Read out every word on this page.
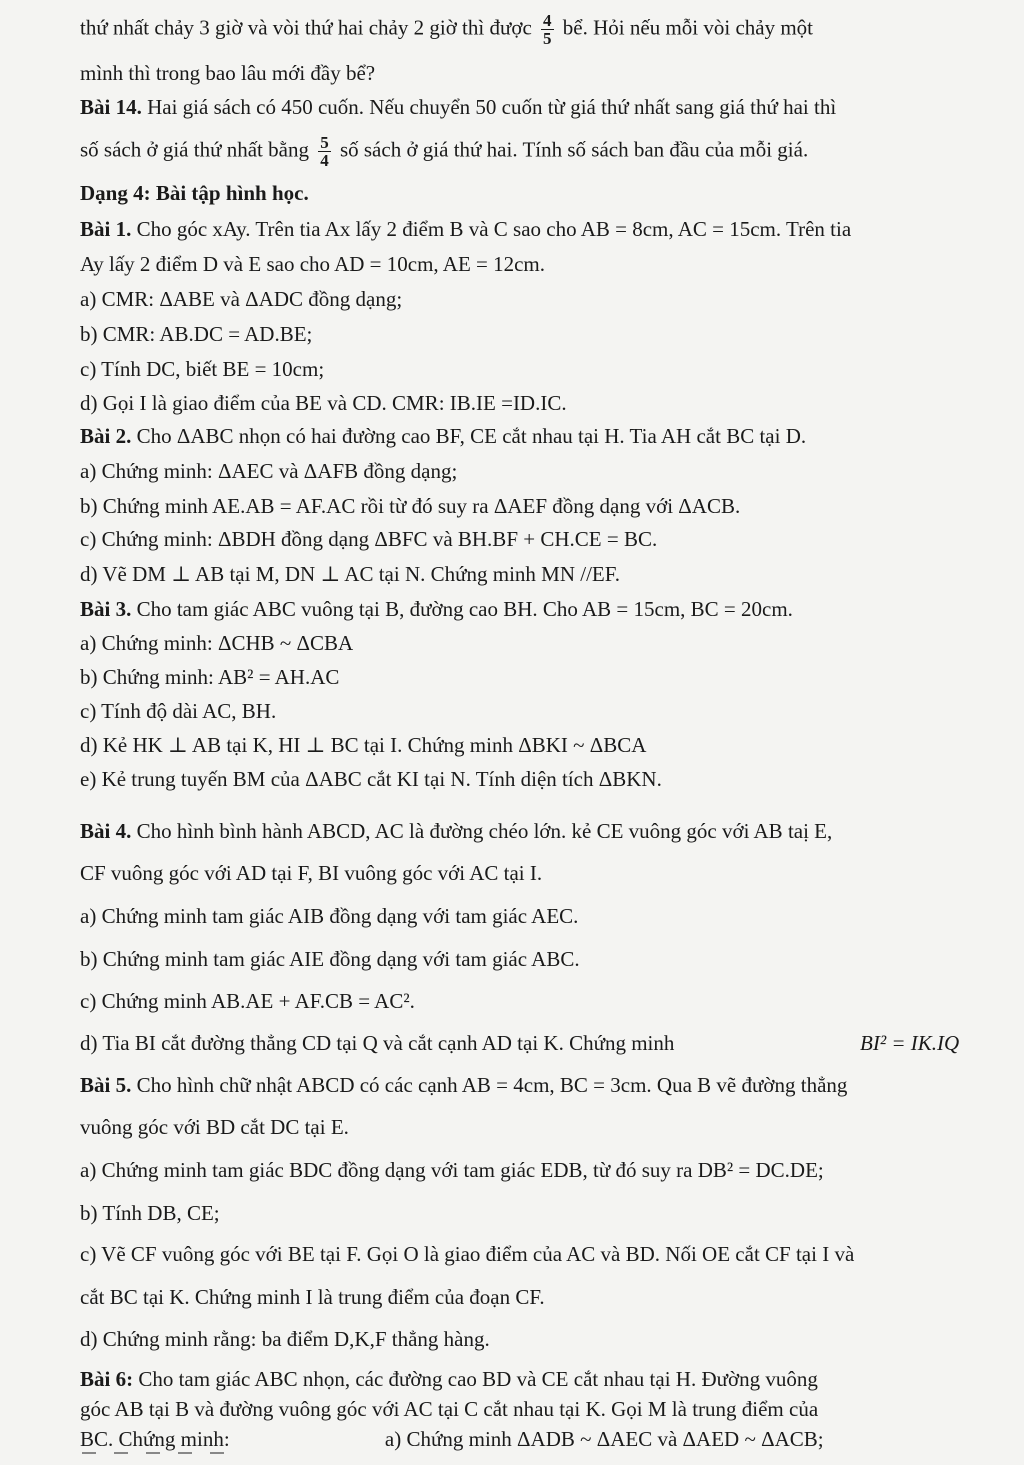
thứ nhất chảy 3 giờ và vòi thứ hai chảy 2 giờ thì được $\frac{4}{5}$ bể. Hỏi nếu mỗi vòi chảy một
mình thì trong bao lâu mới đầy bể?
Bài 14. Hai giá sách có 450 cuốn. Nếu chuyển 50 cuốn từ giá thứ nhất sang giá thứ hai thì
số sách ở giá thứ nhất bằng $\frac{5}{4}$ số sách ở giá thứ hai. Tính số sách ban đầu của mỗi giá.
Dạng 4: Bài tập hình học.
Bài 1. Cho góc xAy. Trên tia Ax lấy 2 điểm B và C sao cho AB = 8cm, AC = 15cm. Trên tia
Ay lấy 2 điểm D và E sao cho AD = 10cm, AE = 12cm.
a) CMR: ΔABE và ΔADC đồng dạng;
b) CMR: AB.DC = AD.BE;
c) Tính DC, biết BE = 10cm;
d) Gọi I là giao điểm của BE và CD. CMR: IB.IE =ID.IC.
Bài 2. Cho ΔABC nhọn có hai đường cao BF, CE cắt nhau tại H. Tia AH cắt BC tại D.
a) Chứng minh: ΔAEC và ΔAFB đồng dạng;
b) Chứng minh AE.AB = AF.AC rồi từ đó suy ra ΔAEF đồng dạng với ΔACB.
c) Chứng minh: ΔBDH đồng dạng ΔBFC và BH.BF + CH.CE = BC.
d) Vẽ DM ⊥ AB tại M, DN ⊥ AC tại N. Chứng minh MN //EF.
Bài 3. Cho tam giác ABC vuông tại B, đường cao BH. Cho AB = 15cm, BC = 20cm.
a) Chứng minh: ΔCHB ~ ΔCBA
b) Chứng minh: AB² = AH.AC
c) Tính độ dài AC, BH.
d) Kẻ HK ⊥ AB tại K, HI ⊥ BC tại I. Chứng minh ΔBKI ~ ΔBCA
e) Kẻ trung tuyến BM của ΔABC cắt KI tại N. Tính diện tích ΔBKN.
Bài 4. Cho hình bình hành ABCD, AC là đường chéo lớn. kẻ CE vuông góc với AB taị E,
CF vuông góc với AD tại F, BI vuông góc với AC tại I.
a) Chứng minh tam giác AIB đồng dạng với tam giác AEC.
b) Chứng minh tam giác AIE đồng dạng với tam giác ABC.
c) Chứng minh AB.AE + AF.CB = AC².
d) Tia BI cắt đường thẳng CD tại Q và cắt cạnh AD tại K. Chứng minh	BI² = IK.IQ
Bài 5. Cho hình chữ nhật ABCD có các cạnh AB = 4cm, BC = 3cm. Qua B vẽ đường thẳng
vuông góc với BD cắt DC tại E.
a) Chứng minh tam giác BDC đồng dạng với tam giác EDB, từ đó suy ra DB² = DC.DE;
b) Tính DB, CE;
c) Vẽ CF vuông góc với BE tại F. Gọi O là giao điểm của AC và BD. Nối OE cắt CF tại I và
cắt BC tại K. Chứng minh I là trung điểm của đoạn CF.
d) Chứng minh rằng: ba điểm D,K,F thẳng hàng.
Bài 6: Cho tam giác ABC nhọn, các đường cao BD và CE cắt nhau tại H. Đường vuông
góc AB tại B và đường vuông góc với AC tại C cắt nhau tại K. Gọi M là trung điểm của
BC. Chứng minh:	a) Chứng minh ΔADB ~ ΔAEC và ΔAED ~ ΔACB;
